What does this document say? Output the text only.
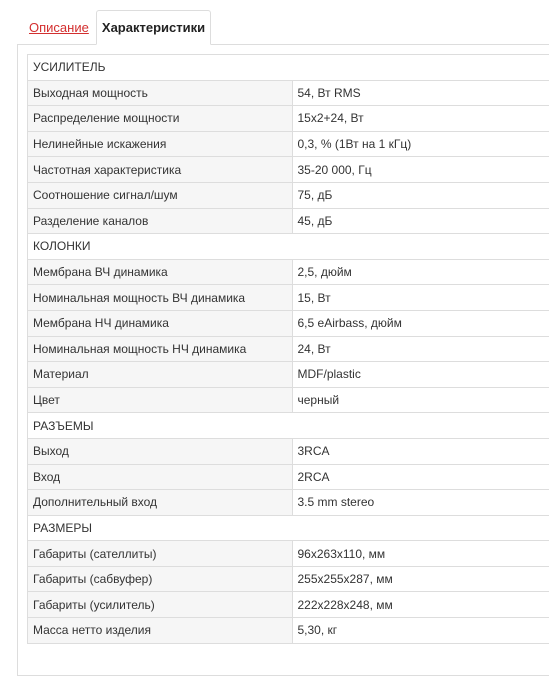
Описание	Характеристики
УСИЛИТЕЛЬ	
Выходная мощность	54, Вт RMS
Распределение мощности	15x2+24, Вт
Нелинейные искажения	0,3, % (1Вт на 1 кГц)
Частотная характеристика	35-20 000, Гц
Соотношение сигнал/шум	75, дБ
Разделение каналов	45, дБ
КОЛОНКИ	
Мембрана ВЧ динамика	2,5, дюйм
Номинальная мощность ВЧ динамика	15, Вт
Мембрана НЧ динамика	6,5 eAirbass, дюйм
Номинальная мощность НЧ динамика	24, Вт
Материал	MDF/plastic
Цвет	черный
РАЗЪЕМЫ	
Выход	3RCA
Вход	2RCA
Дополнительный вход	3.5 mm stereo
РАЗМЕРЫ	
Габариты (сателлиты)	96x263x110, мм
Габариты (сабвуфер)	255x255x287, мм
Габариты (усилитель)	222x228x248, мм
Масса нетто изделия	5,30, кг
